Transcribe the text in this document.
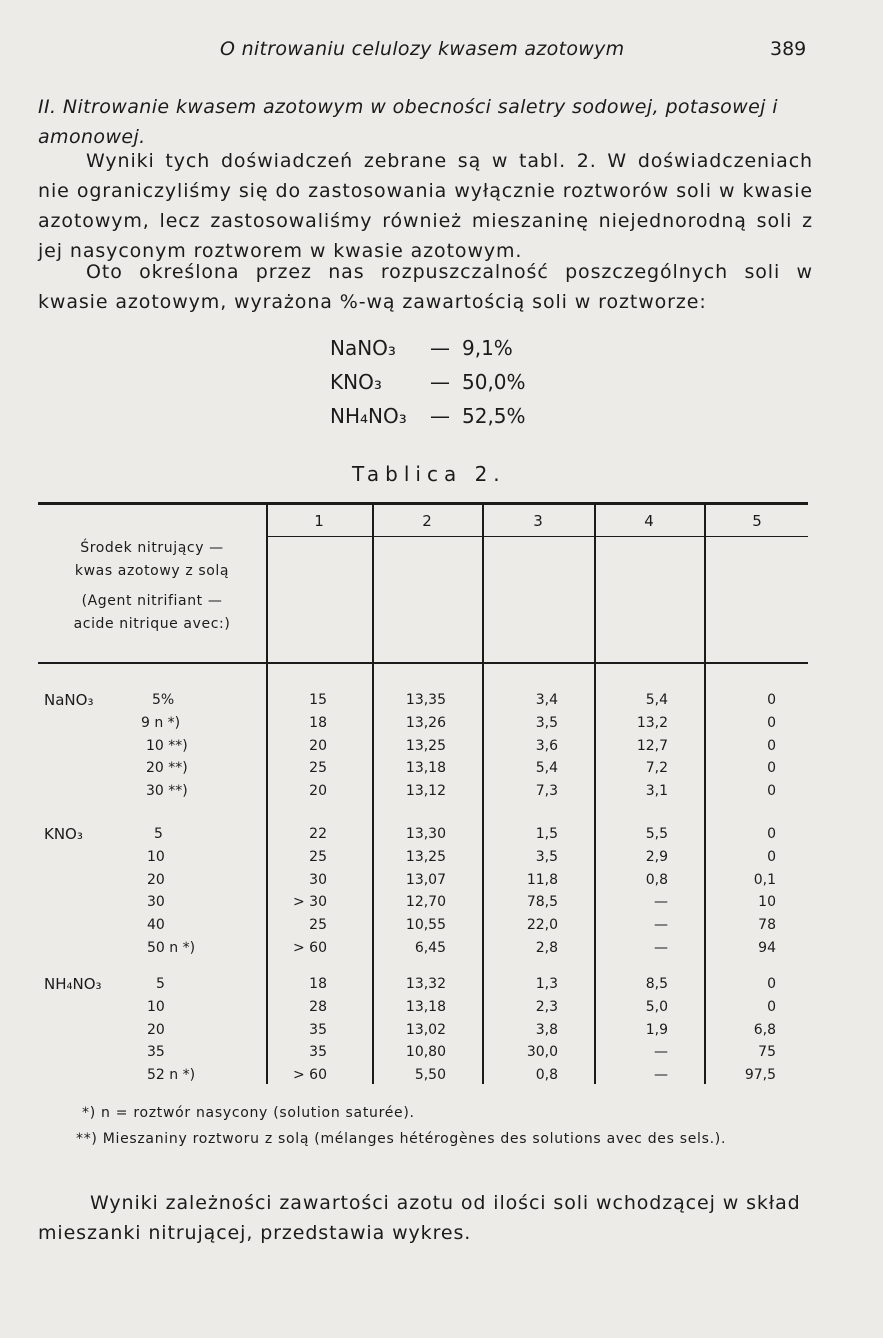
O nitrowaniu celulozy kwasem azotowym	389

II. Nitrowanie kwasem azotowym w obecności saletry sodowej, potasowej i amonowej.

Wyniki tych doświadczeń zebrane są w tabl. 2. W doświadczeniach nie ograniczyliśmy się do zastosowania wyłącznie roztworów soli w kwasie azotowym, lecz zastosowaliśmy również mieszaninę niejednorodną soli z jej nasyconym roztworem w kwasie azotowym.

Oto określona przez nas rozpuszczalność poszczególnych soli w kwasie azotowym, wyrażona %-wą zawartością soli w roztworze:

NaNO₃ — 9,1%
KNO₃ — 50,0%
NH₄NO₃ — 52,5%
Tablica 2.
1	2	3	4	5
Środek nitrujący —
kwas azotowy z solą
(Agent nitrifiant —
acide nitrique avec:)
NaNO₃	5%	15	13,35	3,4	5,4	0
9 n *)	18	13,26	3,5	13,2	0
10 **)	20	13,25	3,6	12,7	0
20 **)	25	13,18	5,4	7,2	0
30 **)	20	13,12	7,3	3,1	0
KNO₃	5	22	13,30	1,5	5,5	0
10	25	13,25	3,5	2,9	0
20	30	13,07	11,8	0,8	0,1
30	> 30	12,70	78,5	—	10
40	25	10,55	22,0	—	78
50 n *)	> 60	6,45	2,8	—	94
NH₄NO₃	5	18	13,32	1,3	8,5	0
10	28	13,18	2,3	5,0	0
20	35	13,02	3,8	1,9	6,8
35	35	10,80	30,0	—	75
52 n *)	> 60	5,50	0,8	—	97,5
*) n = roztwór nasycony (solution saturée).
**) Mieszaniny roztworu z solą (mélanges hétérogènes des solutions avec des sels.).

Wyniki zależności zawartości azotu od ilości soli wchodzącej w skład mieszanki nitrującej, przedstawia wykres.
